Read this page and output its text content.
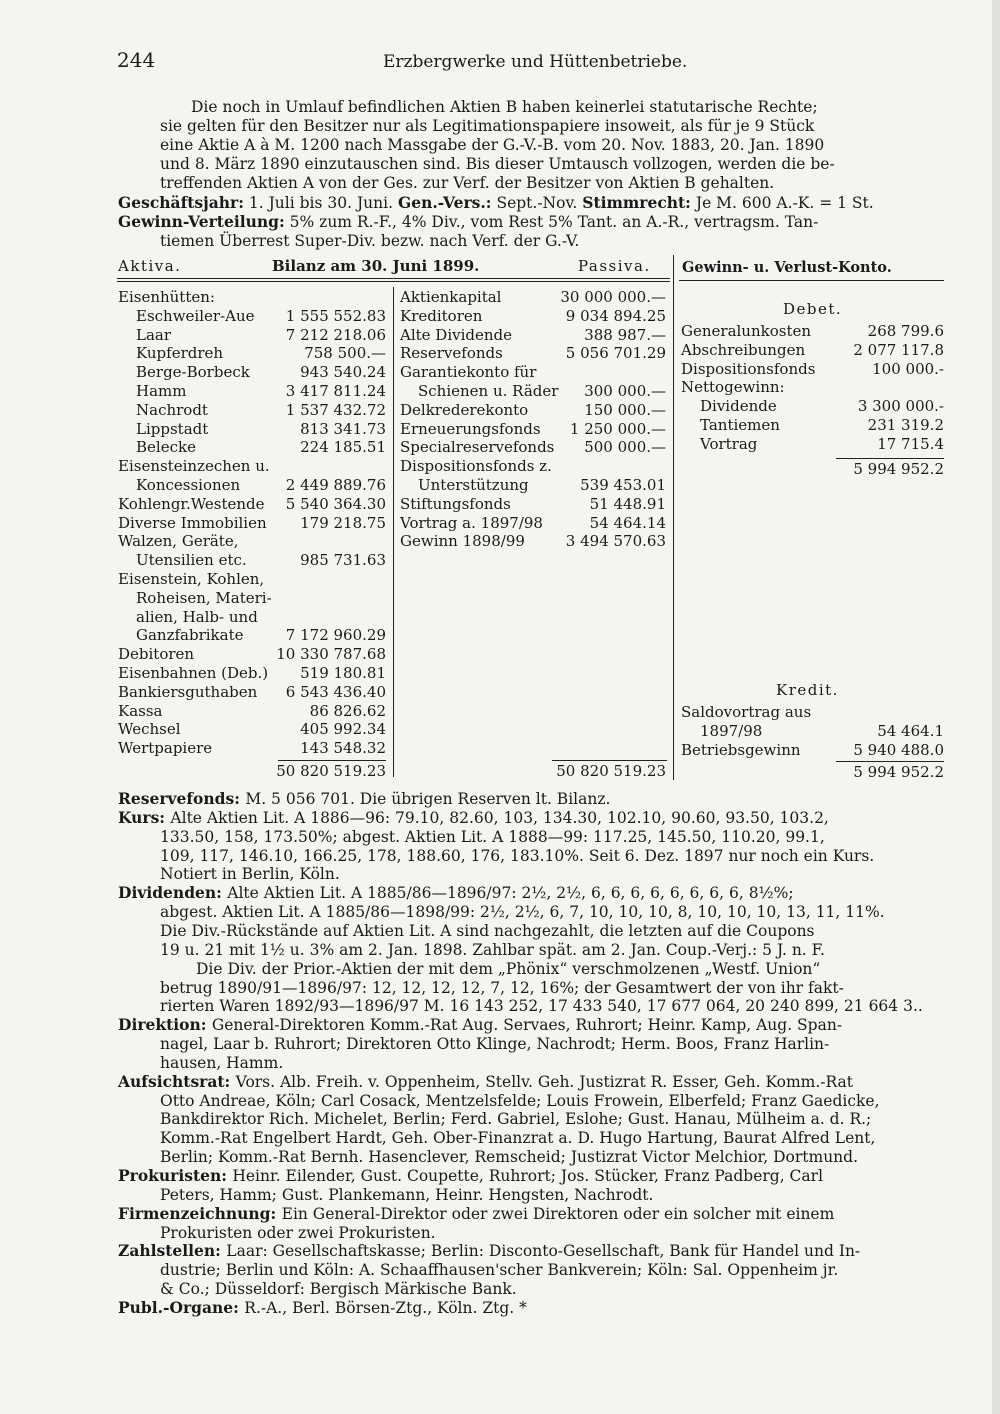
244	Erzbergwerke und Hüttenbetriebe.
Die noch in Umlauf befindlichen Aktien B haben keinerlei statutarische Rechte;
sie gelten für den Besitzer nur als Legitimationspapiere insoweit, als für je 9 Stück
eine Aktie A à M. 1200 nach Massgabe der G.-V.-B. vom 20. Nov. 1883, 20. Jan. 1890
und 8. März 1890 einzutauschen sind. Bis dieser Umtausch vollzogen, werden die be-
treffenden Aktien A von der Ges. zur Verf. der Besitzer von Aktien B gehalten.
Geschäftsjahr: 1. Juli bis 30. Juni. Gen.-Vers.: Sept.-Nov. Stimmrecht: Je M. 600 A.-K. = 1 St.
Gewinn-Verteilung: 5% zum R.-F., 4% Div., vom Rest 5% Tant. an A.-R., vertragsm. Tan-
tiemen Überrest Super-Div. bezw. nach Verf. der G.-V.
Aktiva.	Bilanz am 30. Juni 1899.	Passiva. Gewinn- u. Verlust-Konto.
Eisenhütten:
Eschweiler-Aue	1 555 552.83
Laar	7 212 218.06
Kupferdreh	758 500.—
Berge-Borbeck	943 540.24
Hamm	3 417 811.24
Nachrodt	1 537 432.72
Lippstadt	813 341.73
Belecke	224 185.51
Eisensteinzechen u.
Koncessionen	2 449 889.76
Kohlengr.Westende	5 540 364.30
Diverse Immobilien	179 218.75
Walzen, Geräte,
Utensilien etc.	985 731.63
Eisenstein, Kohlen,
Roheisen, Materi-
alien, Halb- und
Ganzfabrikate	7 172 960.29
Debitoren	10 330 787.68
Eisenbahnen (Deb.)	519 180.81
Bankiersguthaben	6 543 436.40
Kassa	86 826.62
Wechsel	405 992.34
Wertpapiere	143 548.32
50 820 519.23
Aktienkapital	30 000 000.—
Kreditoren	9 034 894.25
Alte Dividende	388 987.—
Reservefonds	5 056 701.29
Garantiekonto für
Schienen u. Räder	300 000.—
Delkrederekonto	150 000.—
Erneuerungsfonds	1 250 000.—
Specialreservefonds	500 000.—
Dispositionsfonds z.
Unterstützung	539 453.01
Stiftungsfonds	51 448.91
Vortrag a. 1897/98	54 464.14
Gewinn 1898/99	3 494 570.63
50 820 519.23
Debet.
Generalunkosten	268 799.6
Abschreibungen	2 077 117.8
Dispositionsfonds	100 000.-
Nettogewinn:
Dividende	3 300 000.-
Tantiemen	231 319.2
Vortrag	17 715.4
5 994 952.2
Kredit.
Saldovortrag aus
1897/98	54 464.1
Betriebsgewinn	5 940 488.0
5 994 952.2
Reservefonds: M. 5 056 701. Die übrigen Reserven lt. Bilanz.
Kurs: Alte Aktien Lit. A 1886—96: 79.10, 82.60, 103, 134.30, 102.10, 90.60, 93.50, 103.2,
133.50, 158, 173.50%; abgest. Aktien Lit. A 1888—99: 117.25, 145.50, 110.20, 99.1,
109, 117, 146.10, 166.25, 178, 188.60, 176, 183.10%. Seit 6. Dez. 1897 nur noch ein Kurs.
Notiert in Berlin, Köln.
Dividenden: Alte Aktien Lit. A 1885/86—1896/97: 2½, 2½, 6, 6, 6, 6, 6, 6, 6, 6, 8½%;
abgest. Aktien Lit. A 1885/86—1898/99: 2½, 2½, 6, 7, 10, 10, 10, 8, 10, 10, 10, 13, 11, 11%.
Die Div.-Rückstände auf Aktien Lit. A sind nachgezahlt, die letzten auf die Coupons
19 u. 21 mit 1½ u. 3% am 2. Jan. 1898. Zahlbar spät. am 2. Jan. Coup.-Verj.: 5 J. n. F.
Die Div. der Prior.-Aktien der mit dem „Phönix“ verschmolzenen „Westf. Union“
betrug 1890/91—1896/97: 12, 12, 12, 12, 7, 12, 16%; der Gesamtwert der von ihr fakt-
rierten Waren 1892/93—1896/97 M. 16 143 252, 17 433 540, 17 677 064, 20 240 899, 21 664 3..
Direktion: General-Direktoren Komm.-Rat Aug. Servaes, Ruhrort; Heinr. Kamp, Aug. Span-
nagel, Laar b. Ruhrort; Direktoren Otto Klinge, Nachrodt; Herm. Boos, Franz Harlin-
hausen, Hamm.
Aufsichtsrat: Vors. Alb. Freih. v. Oppenheim, Stellv. Geh. Justizrat R. Esser, Geh. Komm.-Rat
Otto Andreae, Köln; Carl Cosack, Mentzelsfelde; Louis Frowein, Elberfeld; Franz Gaedicke,
Bankdirektor Rich. Michelet, Berlin; Ferd. Gabriel, Eslohe; Gust. Hanau, Mülheim a. d. R.;
Komm.-Rat Engelbert Hardt, Geh. Ober-Finanzrat a. D. Hugo Hartung, Baurat Alfred Lent,
Berlin; Komm.-Rat Bernh. Hasenclever, Remscheid; Justizrat Victor Melchior, Dortmund.
Prokuristen: Heinr. Eilender, Gust. Coupette, Ruhrort; Jos. Stücker, Franz Padberg, Carl
Peters, Hamm; Gust. Plankemann, Heinr. Hengsten, Nachrodt.
Firmenzeichnung: Ein General-Direktor oder zwei Direktoren oder ein solcher mit einem
Prokuristen oder zwei Prokuristen.
Zahlstellen: Laar: Gesellschaftskasse; Berlin: Disconto-Gesellschaft, Bank für Handel und In-
dustrie; Berlin und Köln: A. Schaaffhausen'scher Bankverein; Köln: Sal. Oppenheim jr.
& Co.; Düsseldorf: Bergisch Märkische Bank.
Publ.-Organe: R.-A., Berl. Börsen-Ztg., Köln. Ztg. *
